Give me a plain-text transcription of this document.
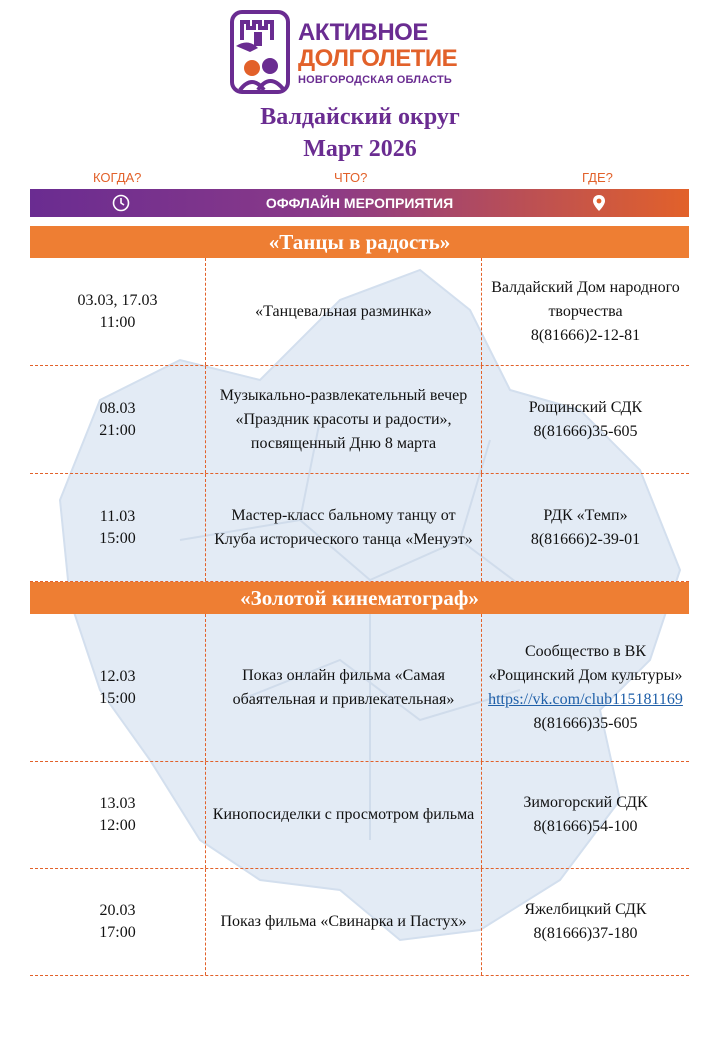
АКТИВНОЕ
ДОЛГОЛЕТИЕ
НОВГОРОДСКАЯ ОБЛАСТЬ
Валдайский округ
Март 2026
КОГДА?	ЧТО?	ГДЕ?
ОФФЛАЙН МЕРОПРИЯТИЯ
«Танцы в радость»
03.03, 17.03
11:00
«Танцевальная разминка»
Валдайский Дом народного творчества
8(81666)2-12-81
08.03
21:00
Музыкально-развлекательный вечер «Праздник красоты и радости», посвященный Дню 8 марта
Рощинский СДК
8(81666)35-605
11.03
15:00
Мастер-класс бальному танцу от Клуба исторического танца «Менуэт»
РДК «Темп»
8(81666)2-39-01
«Золотой кинематограф»
12.03
15:00
Показ онлайн фильма «Самая обаятельная и привлекательная»
Сообщество в ВК «Рощинский Дом культуры»
https://vk.com/club115181169
8(81666)35-605
13.03
12:00
Кинопосиделки с просмотром фильма
Зимогорский СДК
8(81666)54-100
20.03
17:00
Показ фильма «Свинарка и Пастух»
Яжелбицкий СДК
8(81666)37-180
